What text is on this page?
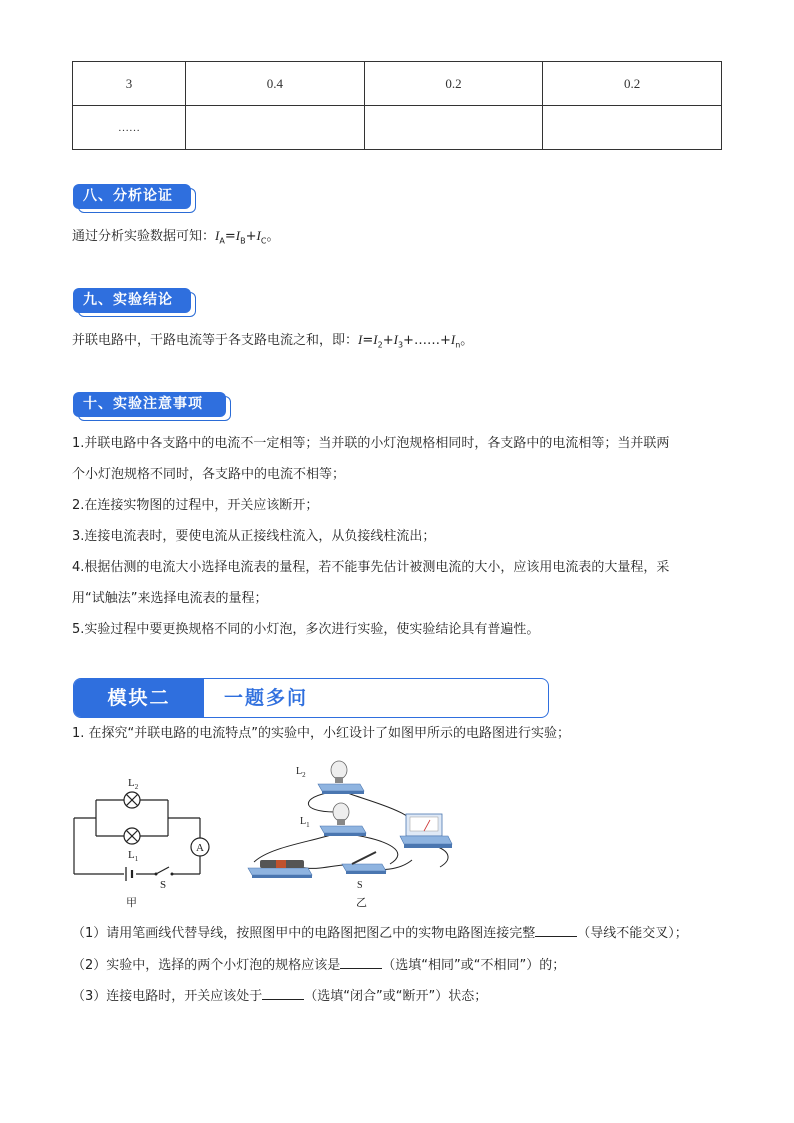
3	0.4	0.2	0.2
……			
八、分析论证
通过分析实验数据可知：$I_A=I_B+I_C$。
九、实验结论
并联电路中，干路电流等于各支路电流之和，即：$I=I_2+I_3+\dots\dots+I_n$。
十、实验注意事项
1.并联电路中各支路中的电流不一定相等；当并联的小灯泡规格相同时，各支路中的电流相等；当并联两
个小灯泡规格不同时，各支路中的电流不相等；
2.在连接实物图的过程中，开关应该断开；
3.连接电流表时，要使电流从正接线柱流入，从负接线柱流出；
4.根据估测的电流大小选择电流表的量程，若不能事先估计被测电流的大小，应该用电流表的大量程，采
用“试触法”来选择电流表的量程；
5.实验过程中要更换规格不同的小灯泡，多次进行实验，使实验结论具有普遍性。
模块二	一题多问
1. 在探究“并联电路的电流特点”的实验中，小红设计了如图甲所示的电路图进行实验；
A
$L_2$
$L_1$
S
甲
$L_2$
$L_1$
S
乙
（1）请用笔画线代替导线，按照图甲中的电路图把图乙中的实物电路图连接完整	（导线不能交叉）；
（2）实验中，选择的两个小灯泡的规格应该是	（选填“相同”或“不相同”）的；
（3）连接电路时，开关应该处于	（选填“闭合”或“断开”）状态；
